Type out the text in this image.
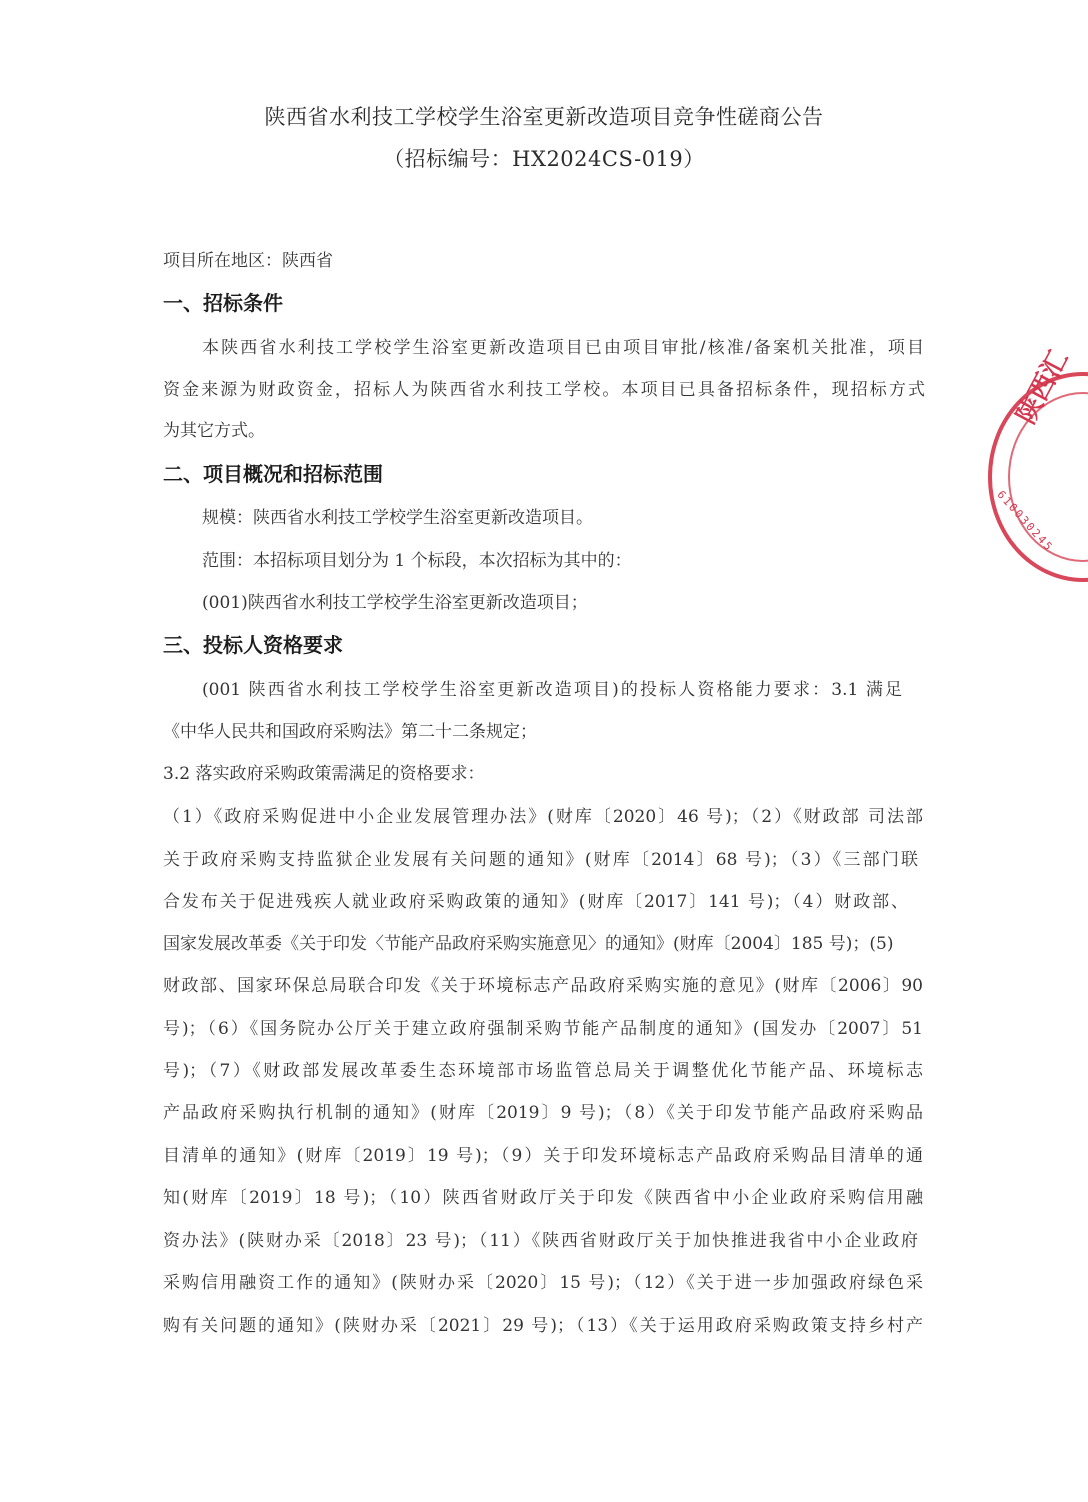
陕西省水利技工学校学生浴室更新改造项目竞争性磋商公告
（招标编号：HX2024CS-019）
项目所在地区：陕西省
一、招标条件
本陕西省水利技工学校学生浴室更新改造项目已由项目审批/核准/备案机关批准，项目
资金来源为财政资金，招标人为陕西省水利技工学校。本项目已具备招标条件，现招标方式
为其它方式。
二、项目概况和招标范围
规模：陕西省水利技工学校学生浴室更新改造项目。
范围：本招标项目划分为 1 个标段，本次招标为其中的：
(001)陕西省水利技工学校学生浴室更新改造项目；
三、投标人资格要求
(001 陕西省水利技工学校学生浴室更新改造项目)的投标人资格能力要求：3.1 满足
《中华人民共和国政府采购法》第二十二条规定；
3.2 落实政府采购政策需满足的资格要求：
（1）《政府采购促进中小企业发展管理办法》(财库〔2020〕46 号)；（2）《财政部 司法部
关于政府采购支持监狱企业发展有关问题的通知》(财库〔2014〕68 号)；（3）《三部门联
合发布关于促进残疾人就业政府采购政策的通知》(财库〔2017〕141 号)；（4）财政部、
国家发展改革委《关于印发〈节能产品政府采购实施意见〉的通知》(财库〔2004〕185 号)；(5)
财政部、国家环保总局联合印发《关于环境标志产品政府采购实施的意见》(财库〔2006〕90
号)；（6）《国务院办公厅关于建立政府强制采购节能产品制度的通知》(国发办〔2007〕51
号)；（7）《财政部发展改革委生态环境部市场监管总局关于调整优化节能产品、环境标志
产品政府采购执行机制的通知》(财库〔2019〕9 号)；（8）《关于印发节能产品政府采购品
目清单的通知》(财库〔2019〕19 号)；（9）关于印发环境标志产品政府采购品目清单的通
知(财库〔2019〕18 号)；（10）陕西省财政厅关于印发《陕西省中小企业政府采购信用融
资办法》(陕财办采〔2018〕23 号)；（11）《陕西省财政厅关于加快推进我省中小企业政府
采购信用融资工作的通知》(陕财办采〔2020〕15 号)；（12）《关于进一步加强政府绿色采
购有关问题的通知》(陕财办采〔2021〕29 号)；（13）《关于运用政府采购政策支持乡村产
陕西汇
610030245
